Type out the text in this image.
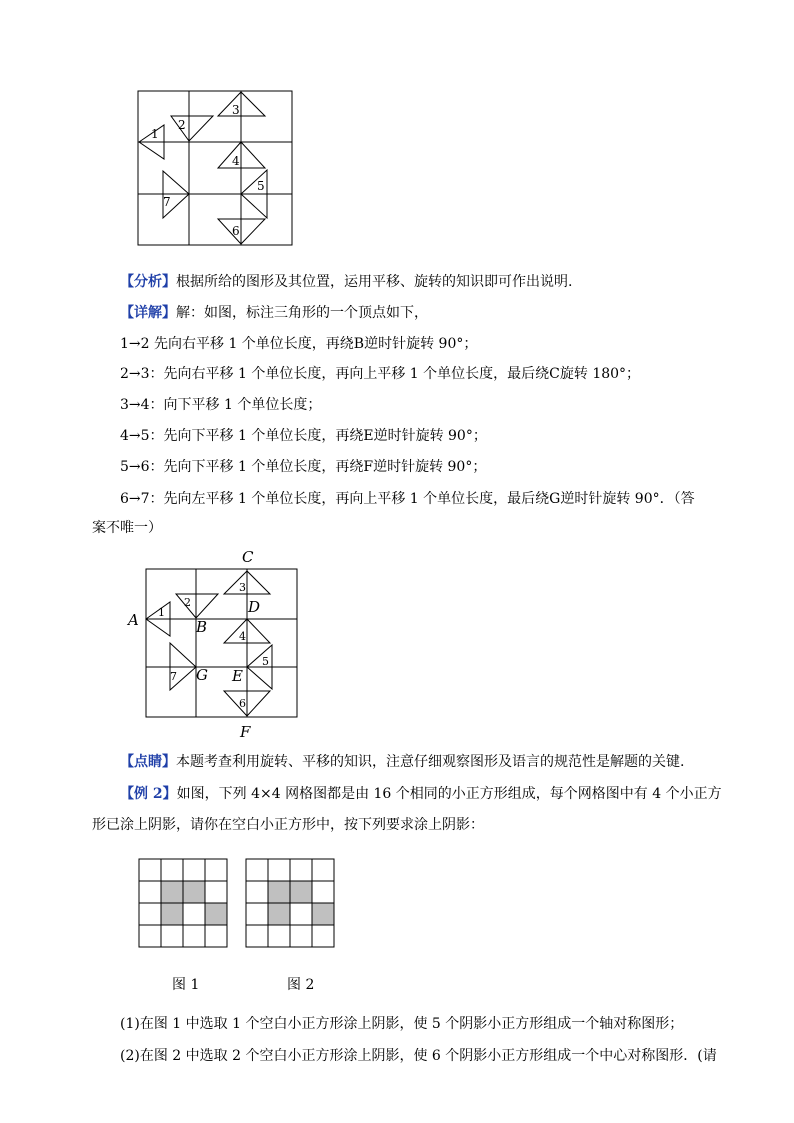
1
2
3
4
5
6
7
【分析】根据所给的图形及其位置，运用平移、旋转的知识即可作出说明.
【详解】解：如图，标注三角形的一个顶点如下，
1→2 先向右平移 1 个单位长度，再绕B逆时针旋转 90°；
2→3：先向右平移 1 个单位长度，再向上平移 1 个单位长度，最后绕C旋转 180°；
3→4：向下平移 1 个单位长度；
4→5：先向下平移 1 个单位长度，再绕E逆时针旋转 90°；
5→6：先向下平移 1 个单位长度，再绕F逆时针旋转 90°；
6→7：先向左平移 1 个单位长度，再向上平移 1 个单位长度，最后绕G逆时针旋转 90°．（答
案不唯一）
1
2
3
4
5
6
7
A	B
C
D
E
F
G
【点睛】本题考查利用旋转、平移的知识，注意仔细观察图形及语言的规范性是解题的关键.
【例 2】如图，下列 4×4 网格图都是由 16 个相同的小正方形组成，每个网格图中有 4 个小正方
形已涂上阴影，请你在空白小正方形中，按下列要求涂上阴影：
图 1	图 2
(1)在图 1 中选取 1 个空白小正方形涂上阴影，使 5 个阴影小正方形组成一个轴对称图形；
(2)在图 2 中选取 2 个空白小正方形涂上阴影，使 6 个阴影小正方形组成一个中心对称图形．(请
